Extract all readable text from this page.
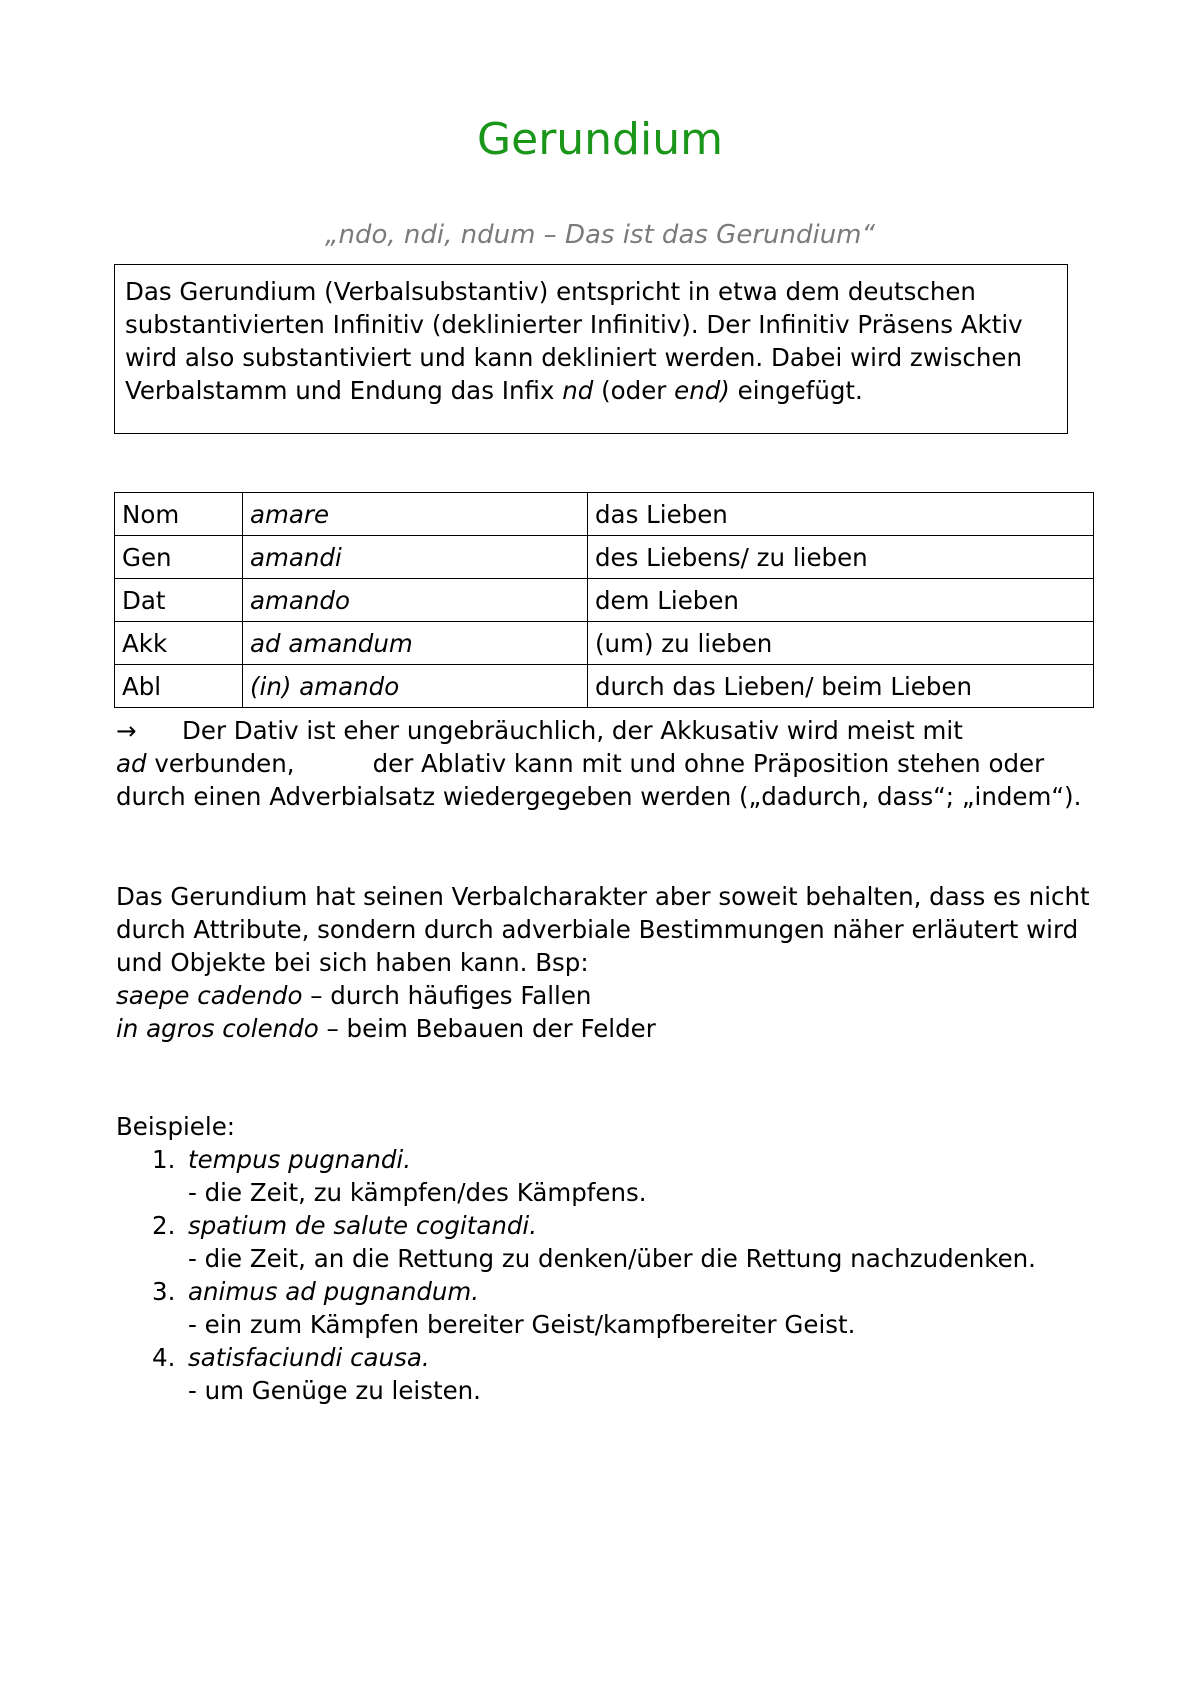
Gerundium
„ndo, ndi, ndum – Das ist das Gerundium“

Das Gerundium (Verbalsubstantiv) entspricht in etwa dem deutschen substantivierten Infinitiv (deklinierter Infinitiv). Der Infinitiv Präsens Aktiv wird also substantiviert und kann dekliniert werden. Dabei wird zwischen Verbalstamm und Endung das Infix nd (oder end) eingefügt.

Nom	amare	das Lieben
Gen	amandi	des Liebens/ zu lieben
Dat	amando	dem Lieben
Akk	ad amandum	(um) zu lieben
Abl	(in) amando	durch das Lieben/ beim Lieben

→ Der Dativ ist eher ungebräuchlich, der Akkusativ wird meist mit
ad verbunden,	der Ablativ kann mit und ohne Präposition stehen oder durch einen Adverbialsatz wiedergegeben werden („dadurch, dass“; „indem“).

Das Gerundium hat seinen Verbalcharakter aber soweit behalten, dass es nicht durch Attribute, sondern durch adverbiale Bestimmungen näher erläutert wird und Objekte bei sich haben kann. Bsp:

saepe cadendo – durch häufiges Fallen

in agros colendo – beim Bebauen der Felder

Beispiele:

1. tempus pugnandi.
- die Zeit, zu kämpfen/des Kämpfens.
2. spatium de salute cogitandi.
- die Zeit, an die Rettung zu denken/über die Rettung nachzudenken.
3. animus ad pugnandum.
- ein zum Kämpfen bereiter Geist/kampfbereiter Geist.
4. satisfaciundi causa.
- um Genüge zu leisten.
